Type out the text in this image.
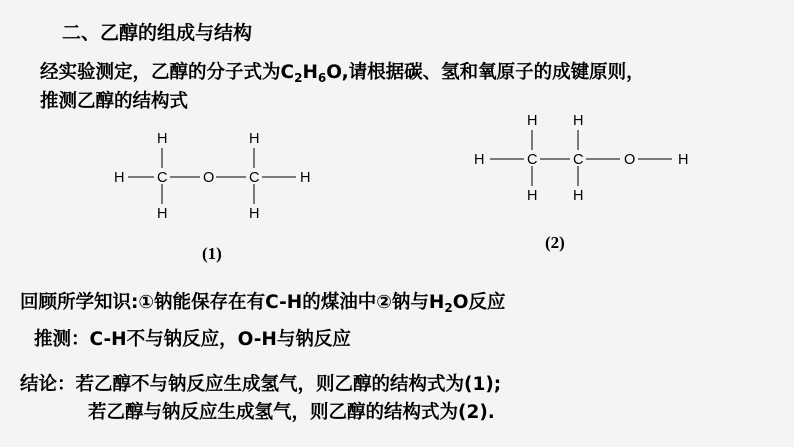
二、乙醇的组成与结构
经实验测定，乙醇的分子式为$C_2H_6O$,请根据碳、氢和氧原子的成键原则，
推测乙醇的结构式
H	H
H C O C	H
H	H
(1)
H H
H	C C	O	H
H H
(2)
回顾所学知识:①钠能保存在有C-H的煤油中②钠与$H_2O$反应
推测：C-H不与钠反应，O-H与钠反应
结论：若乙醇不与钠反应生成氢气，则乙醇的结构式为(1);
若乙醇与钠反应生成氢气，则乙醇的结构式为(2).
